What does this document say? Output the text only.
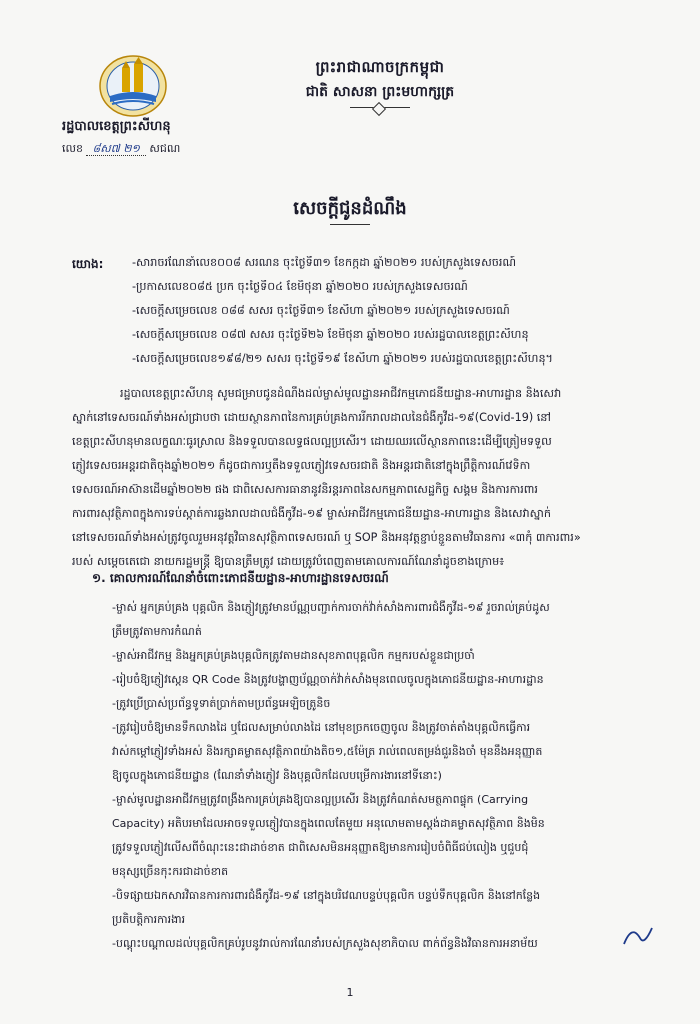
ព្រះរាជាណាចក្រកម្ពុជា
ជាតិ សាសនា ព្រះមហាក្សត្រ
រដ្ឋបាលខេត្តព្រះសីហនុ
លេខ ៨ស៧ ២១ សជណ
សេចក្តីជូនដំណឹង
យោង:	-សារាចរណែនាំលេខ០០៨ សរណន ចុះថ្ងៃទី៣១ ខែកក្កដា ឆ្នាំ២០២១ របស់ក្រសួងទេសចរណ៍
-ប្រកាសលេខ០៨៥ ប្រក ចុះថ្ងៃទី០៤ ខែមិថុនា ឆ្នាំ២០២០ របស់ក្រសួងទេសចរណ៍
-សេចក្តីសម្រេចលេខ ០៨៨ សសរ ចុះថ្ងៃទី៣១ ខែសីហា ឆ្នាំ២០២១ របស់ក្រសួងទេសចរណ៍
-សេចក្តីសម្រេចលេខ ០៨៧ សសរ ចុះថ្ងៃទី២៦ ខែមិថុនា ឆ្នាំ២០២០ របស់រដ្ឋបាលខេត្តព្រះសីហនុ
-សេចក្តីសម្រេចលេខ១៩៨/២១ សសរ ចុះថ្ងៃទី១៩ ខែសីហា ឆ្នាំ២០២១ របស់រដ្ឋបាលខេត្តព្រះសីហនុ។
រដ្ឋបាលខេត្តព្រះសីហនុ សូមជម្រាបជូនដំណឹងដល់ម្ចាស់មូលដ្ឋានអាជីវកម្មភោជនីយដ្ឋាន-អាហារដ្ឋាន និងសេវា
ស្នាក់នៅទេសចរណ៍ទាំងអស់ជ្រាបថា ដោយស្ថានភាពនៃការគ្រប់គ្រងការរីករាលដាលនៃជំងឺកូវីដ-១៩(Covid-19) នៅ
ខេត្តព្រះសីហនុមានលក្ខណៈធូរស្រាល និងទទួលបានលទ្ធផលល្អប្រសើរ។ ដោយឈរលើស្ថានភាពនេះដើម្បីត្រៀមទទួល
ភ្ញៀវទេសចរអន្តរជាតិចុងឆ្នាំ២០២១ ក៏ដូចជាការឬតឹងទទួលភ្ញៀវទេសចរជាតិ និងអន្តរជាតិនៅក្នុងព្រឹត្តិការណ៍វេទិកា
ទេសចរណ៍អាស៊ានដើមឆ្នាំ២០២២ ផង ជាពិសេសការធានានូវនិរន្តរភាពនៃសកម្មភាពសេដ្ឋកិច្ច សង្គម និងការការពារ
ការពារសុវត្ថិភាពក្នុងការទប់ស្កាត់ការឆ្លងរាលដាលជំងឺកូវីដ-១៩ ម្ចាស់អាជីវកម្មភោជនីយដ្ឋាន-អាហារដ្ឋាន និងសេវាស្នាក់
នៅទេសចរណ៍ទាំងអស់ត្រូវចូលរួមអនុវត្តវិធានសុវត្ថិភាពទេសចរណ៍ ឬ SOP និងអនុវត្តខ្ជាប់ខ្ជួនតាមវិធានការ «៣កុំ ៣ការពារ»
របស់ សម្តេចតេជោ នាយករដ្ឋមន្ត្រី ឱ្យបានត្រឹមត្រូវ ដោយត្រូវបំពេញតាមគោលការណ៍ណែនាំដូចខាងក្រោម៖
១. គោលការណ៍ណែនាំចំពោះភោជនីយដ្ឋាន-អាហារដ្ឋានទេសចរណ៍
-ម្ចាស់ អ្នកគ្រប់គ្រង បុគ្គលិក និងភ្ញៀវត្រូវមានប័ណ្ណបញ្ជាក់ការចាក់វ៉ាក់សាំងការពារជំងឺកូវីដ-១៩ រួចរាល់គ្រប់ដូស
ត្រឹមត្រូវតាមការកំណត់
-ម្ចាស់អាជីវកម្ម និងអ្នកគ្រប់គ្រងបុគ្គលិកត្រូវតាមដានសុខភាពបុគ្គលិក កម្មករបស់ខ្លួនជាប្រចាំ
-រៀបចំឱ្យភ្ញៀវស្កេន QR Code និងត្រូវបង្ហាញប័ណ្ណចាក់វ៉ាក់សាំងមុនពេលចូលក្នុងភោជនីយដ្ឋាន-អាហារដ្ឋាន
-ត្រូវប្រើប្រាស់ប្រព័ន្ធទូទាត់ប្រាក់តាមប្រព័ន្ធអេឡិចត្រូនិច
-ត្រូវរៀបចំឱ្យមានទឹកលាងដៃ ឬជែលសម្រាប់លាងដៃ នៅមុខច្រកចេញចូល និងត្រូវចាត់តាំងបុគ្គលិកធ្វើការ
វាស់កម្តៅភ្ញៀវទាំងអស់ និងរក្សាគម្លាតសុវត្ថិភាពយ៉ាងតិច១,៥ម៉ែត្រ រាល់ពេលតម្រង់ជួរនិងចាំ មុននឹងអនុញ្ញាត
ឱ្យចូលក្នុងភោជនីយដ្ឋាន (ណែនាំទាំងភ្ញៀវ និងបុគ្គលិកដែលបម្រើការងារនៅទីនោះ)
-ម្ចាស់មូលដ្ឋានអាជីវកម្មត្រូវពង្រឹងការគ្រប់គ្រងឱ្យបានល្អប្រសើរ និងត្រូវកំណត់សមត្ថភាពផ្ទុក (Carrying
Capacity) អតិបរមាដែលអាចទទួលភ្ញៀវបានក្នុងពេលតែមួយ អនុលោមតាមស្តង់ដាគម្លាតសុវត្ថិភាព និងមិន
ត្រូវទទួលភ្ញៀវលើសពីចំណុះនេះជាដាច់ខាត ជាពិសេសមិនអនុញ្ញាតឱ្យមានការរៀបចំពិធីជប់លៀង ឬជួបជុំ
មនុស្សច្រើនកុះករជាដាច់ខាត
-បិទផ្សាយឯកសារវិធានការការពារជំងឺកូវីដ-១៩ នៅក្នុងបរិវេណបន្ទប់បុគ្គលិក បន្ទប់ទឹកបុគ្គលិក និងនៅកន្លែង
ប្រតិបត្តិការការងារ
-បណ្តុះបណ្តាលដល់បុគ្គលិកគ្រប់រូបនូវរាល់ការណែនាំរបស់ក្រសួងសុខាភិបាល ពាក់ព័ន្ធនិងវិធានការអនាម័យ
1
